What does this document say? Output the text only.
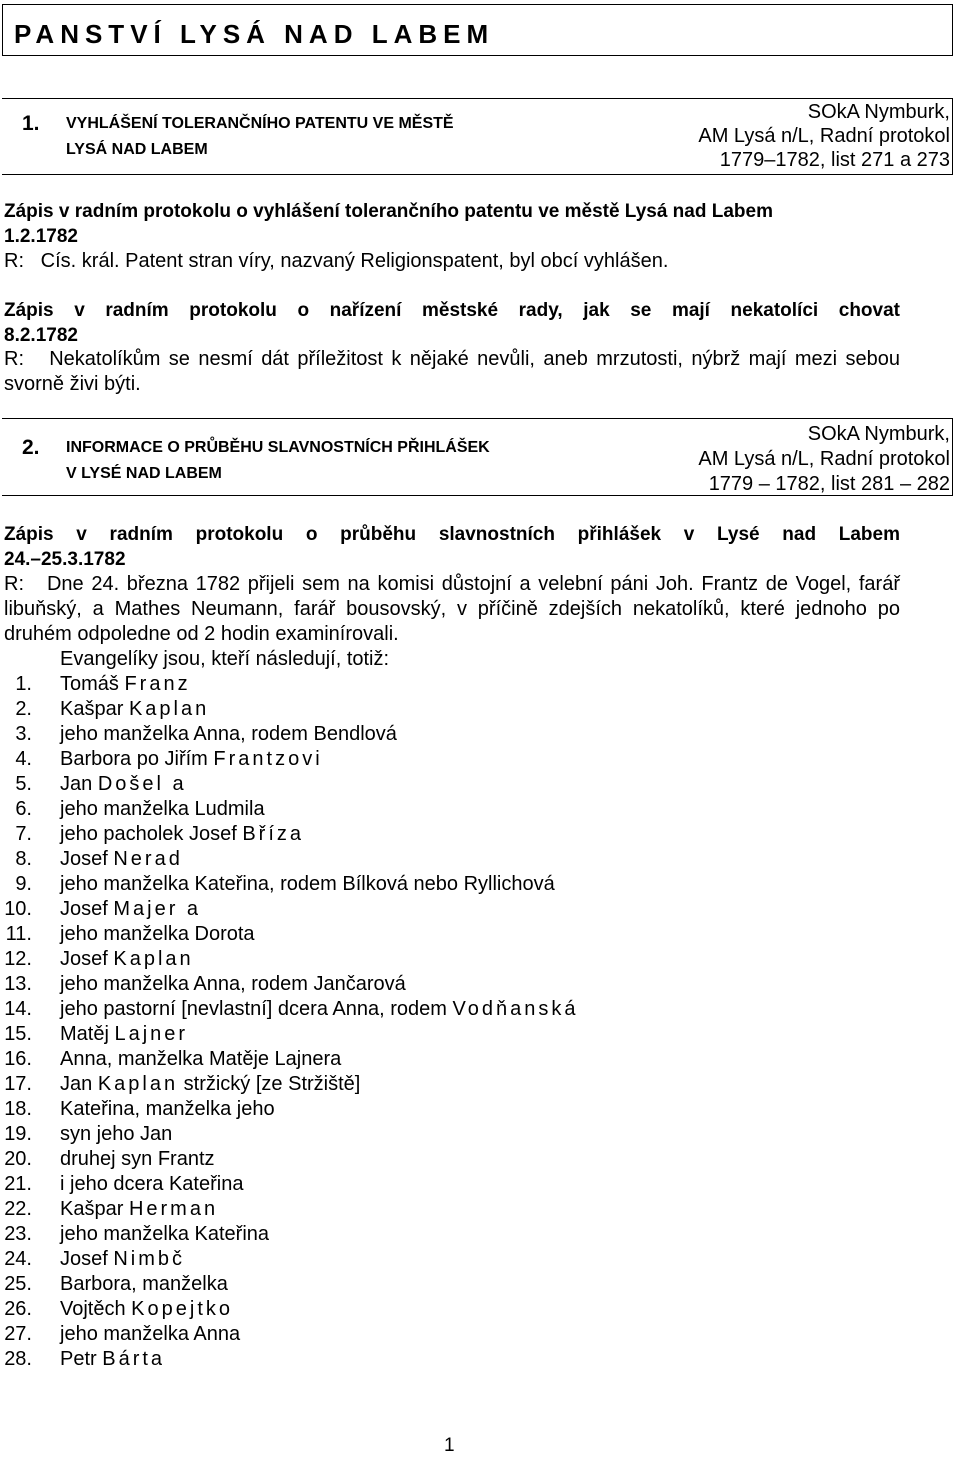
PANSTVÍ LYSÁ NAD LABEM
1. VYHLÁŠENÍ TOLERANČNÍHO PATENTU VE MĚSTĚ
LYSÁ NAD LABEM
SOkA Nymburk,
AM Lysá n/L, Radní protokol
1779–1782, list 271 a 273
Zápis v radním protokolu o vyhlášení tolerančního patentu ve městě Lysá nad Labem
1.2.1782
R:   Cís. král. Patent stran víry, nazvaný Religionspatent, byl obcí vyhlášen.
Zápis v radním protokolu o nařízení městské rady, jak se mají nekatolíci chovat
8.2.1782
R:   Nekatolíkům se nesmí dát příležitost k nějaké nevůli, aneb mrzutosti, nýbrž mají mezi sebou svorně živi býti.
2. INFORMACE O PRŮBĚHU SLAVNOSTNÍCH PŘIHLÁŠEK
V LYSÉ NAD LABEM
SOkA Nymburk,
AM Lysá n/L, Radní protokol
1779 – 1782, list 281 – 282
Zápis v radním protokolu o průběhu slavnostních přihlášek v Lysé nad Labem
24.–25.3.1782
R:   Dne 24. března 1782 přijeli sem na komisi důstojní a velební páni Joh. Frantz de Vogel, farář libuňský, a Mathes Neumann, farář bousovský, v příčině zdejších nekatolíků, které jednoho po druhém odpoledne od 2 hodin examinírovali.
Evangelíky jsou, kteří následují, totiž:
1. Tomáš Franz
2. Kašpar Kaplan
3. jeho manželka Anna, rodem Bendlová
4. Barbora po Jiřím Frantzovi
5. Jan Došel a
6. jeho manželka Ludmila
7. jeho pacholek Josef Bříza
8. Josef Nerad
9. jeho manželka Kateřina, rodem Bílková nebo Ryllichová
10. Josef Majer a
11. jeho manželka Dorota
12. Josef Kaplan
13. jeho manželka Anna, rodem Jančarová
14. jeho pastorní [nevlastní] dcera Anna, rodem Vodňanská
15. Matěj Lajner
16. Anna, manželka Matěje Lajnera
17. Jan Kaplan stržický [ze Stržiště]
18. Kateřina, manželka jeho
19. syn jeho Jan
20. druhej syn Frantz
21. i jeho dcera Kateřina
22. Kašpar Herman
23. jeho manželka Kateřina
24. Josef Nimbč
25. Barbora, manželka
26. Vojtěch Kopejtko
27. jeho manželka Anna
28. Petr Bárta
1
